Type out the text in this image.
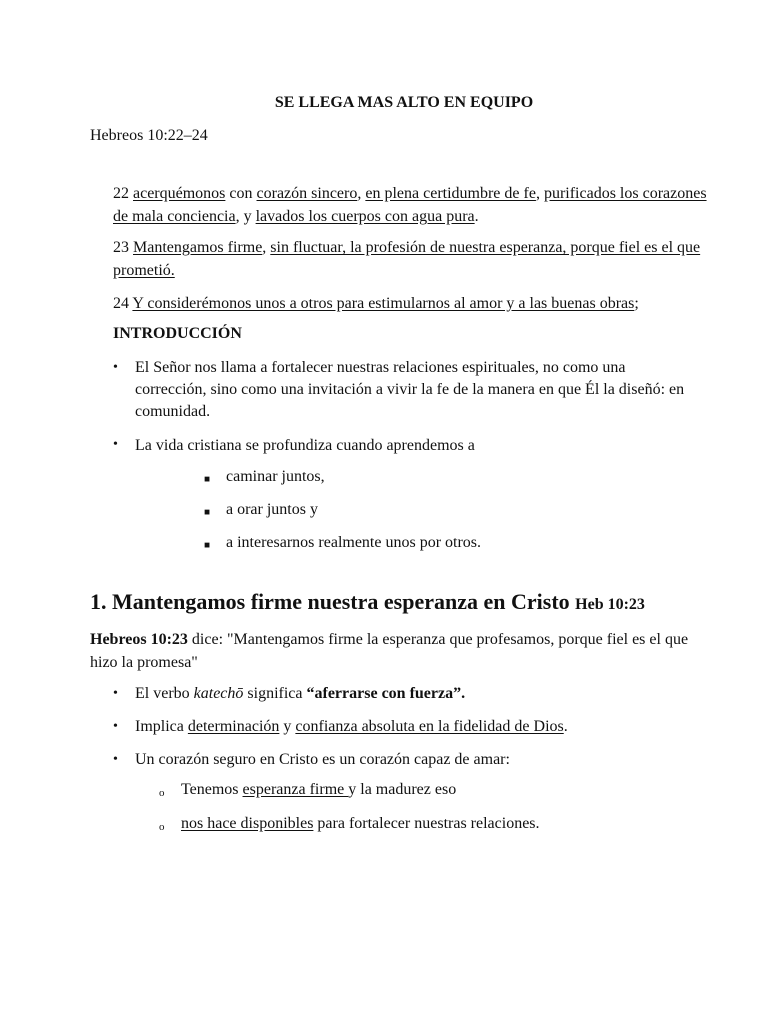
SE LLEGA MAS ALTO EN EQUIPO
Hebreos 10:22–24
22 acerquémonos con corazón sincero, en plena certidumbre de fe, purificados los corazones de mala conciencia, y lavados los cuerpos con agua pura.
23 Mantengamos firme, sin fluctuar, la profesión de nuestra esperanza, porque fiel es el que prometió.
24 Y considerémonos unos a otros para estimularnos al amor y a las buenas obras;
INTRODUCCIÓN
• El Señor nos llama a fortalecer nuestras relaciones espirituales, no como una corrección, sino como una invitación a vivir la fe de la manera en que Él la diseñó: en comunidad.
• La vida cristiana se profundiza cuando aprendemos a
■ caminar juntos,
■ a orar juntos y
■ a interesarnos realmente unos por otros.
1. Mantengamos firme nuestra esperanza en Cristo Heb 10:23
Hebreos 10:23 dice: "Mantengamos firme la esperanza que profesamos, porque fiel es el que hizo la promesa"
• El verbo katechō significa “aferrarse con fuerza”.
• Implica determinación y confianza absoluta en la fidelidad de Dios.
• Un corazón seguro en Cristo es un corazón capaz de amar:
o Tenemos esperanza firme y la madurez eso
o nos hace disponibles para fortalecer nuestras relaciones.
